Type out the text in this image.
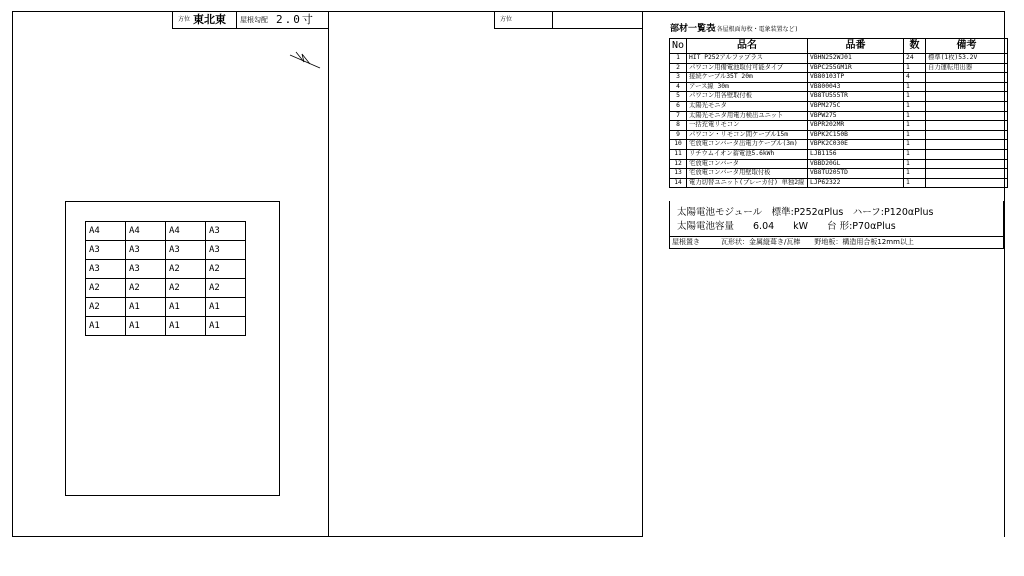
方位 東北東 屋根勾配 2.0寸
A4	A4	A4	A3
A3	A3	A3	A3
A3	A3	A2	A2
A2	A2	A2	A2
A2	A1	A1	A1
A1	A1	A1	A1
方位
部材一覧表
(各屋根面毎枚・電象装置など)
No	品名	品番	数	備考
1	HIT P252アルファプラス	VBHN252WJ01	24	標準(1枚)53.2V
2	パワコン用備電池取付可能タイプ	VBPC255GM1R	1	自力運転用出器
3	接続ケーブル35T 20m	VB80103TP	4	
4	アース線 30m	VB800043	1	
5	パワコン用各壁取付板	VB8TU555TR	1	
6	太陽光モニタ	VBPM275C	1	
7	太陽光モニタ用電力検出ユニット	VBPW275	1	
8	一括充電リモコン	VBPR202MR	1	
9	パワコン・リモコン間ケーブル15m	VBPK2C150B	1	
10	宅放電コンバータ出電力ケーブル(3m)	VBPK2C030E	1	
11	リチウムイオン蓄電池5.6kWh	LJB1156	1	
12	宅放電コンバータ	VBBD20GL	1	
13	宅放電コンバータ用壁取付板	VB8TU205TD	1	
14	電力切替ユニット(ブレーカ付) 単独2線	LJP62322	1	
太陽電池モジュール　標準:P252αPlus　ハーフ:P120αPlus
太陽電池容量　　6.04　　kW　　台 形:P70αPlus
屋根置き　　　瓦形状：金属縦葺き/瓦棒　　野地板：構造用合板12mm以上
